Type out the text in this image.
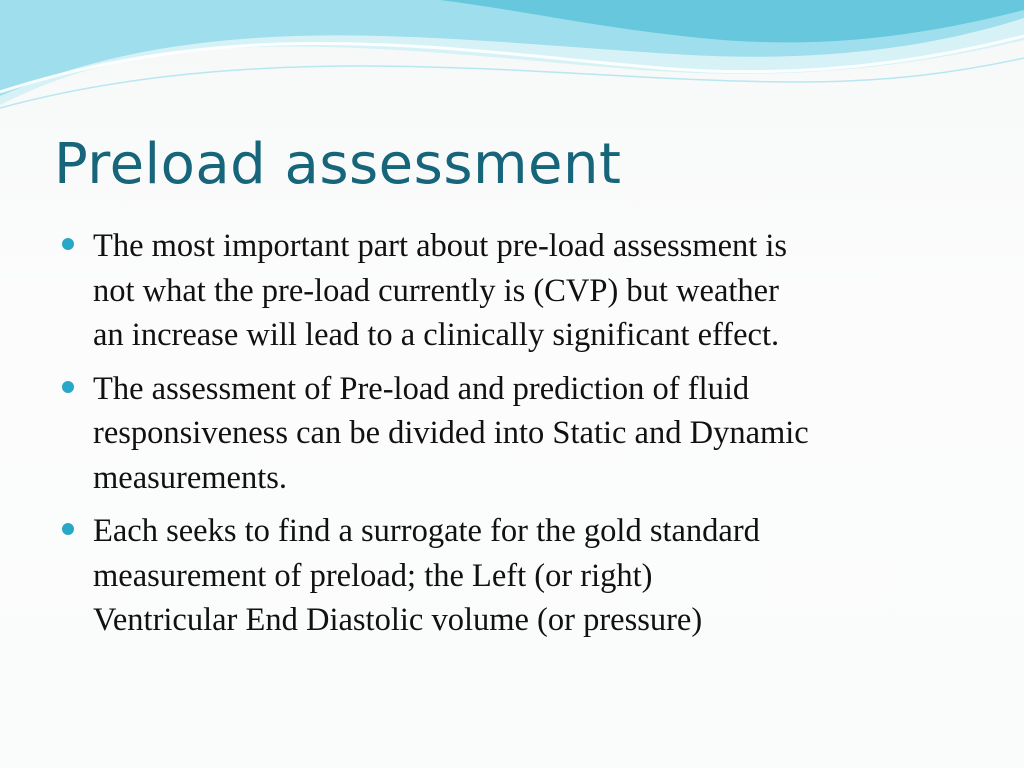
Preload assessment
The most important part about pre-load assessment is
not what the pre-load currently is (CVP) but weather
an increase will lead to a clinically significant effect.
The assessment of Pre-load and prediction of fluid
responsiveness can be divided into Static and Dynamic
measurements.
Each seeks to find a surrogate for the gold standard
measurement of preload; the Left (or right)
Ventricular End Diastolic volume (or pressure)
